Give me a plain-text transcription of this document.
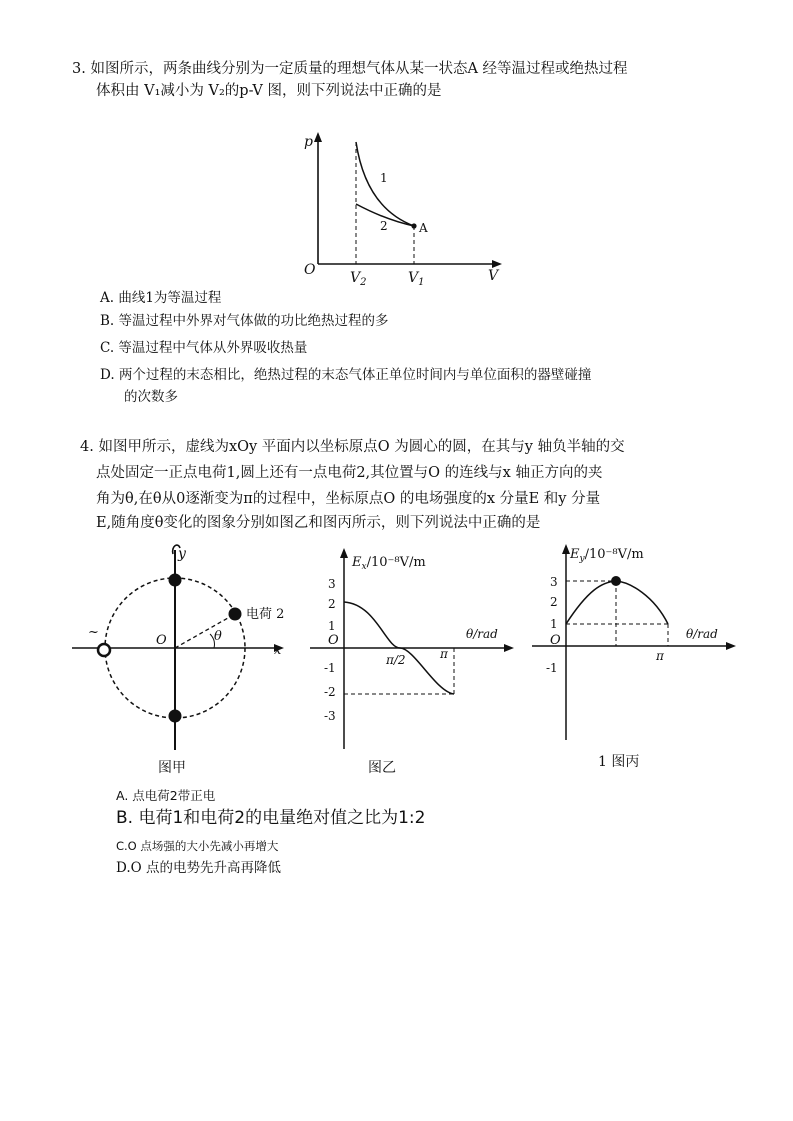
3. 如图所示，两条曲线分别为一定质量的理想气体从某一状态A 经等温过程或绝热过程
体积由 V₁减小为 V₂的p-V 图，则下列说法中正确的是
p
V
O
1
2	A
$V_2$	$V_1$
A. 曲线1为等温过程
B. 等温过程中外界对气体做的功比绝热过程的多
C. 等温过程中气体从外界吸收热量
D. 两个过程的末态相比，绝热过程的末态气体正单位时间内与单位面积的器壁碰撞
的次数多
4. 如图甲所示，虚线为xOy 平面内以坐标原点O 为圆心的圆，在其与y 轴负半轴的交
点处固定一正点电荷1,圆上还有一点电荷2,其位置与O 的连线与x 轴正方向的夹
角为θ,在θ从0逐渐变为π的过程中，坐标原点O 的电场强度的x 分量E 和y 分量
E,随角度θ变化的图象分别如图乙和图丙所示，则下列说法中正确的是
y
x
O	θ
电荷 2
~
图甲
$E_x/10^{-8}V/m$
θ/rad
O
3
2
1
-1
-2
-3
π/2	π
图乙
$E_y/10^{-8}V/m$
θ/rad
O
3
2
1
-1
π
1 图丙
A. 点电荷2带正电
B. 电荷1和电荷2的电量绝对值之比为1:2
C.O 点场强的大小先减小再增大
D.O 点的电势先升高再降低
